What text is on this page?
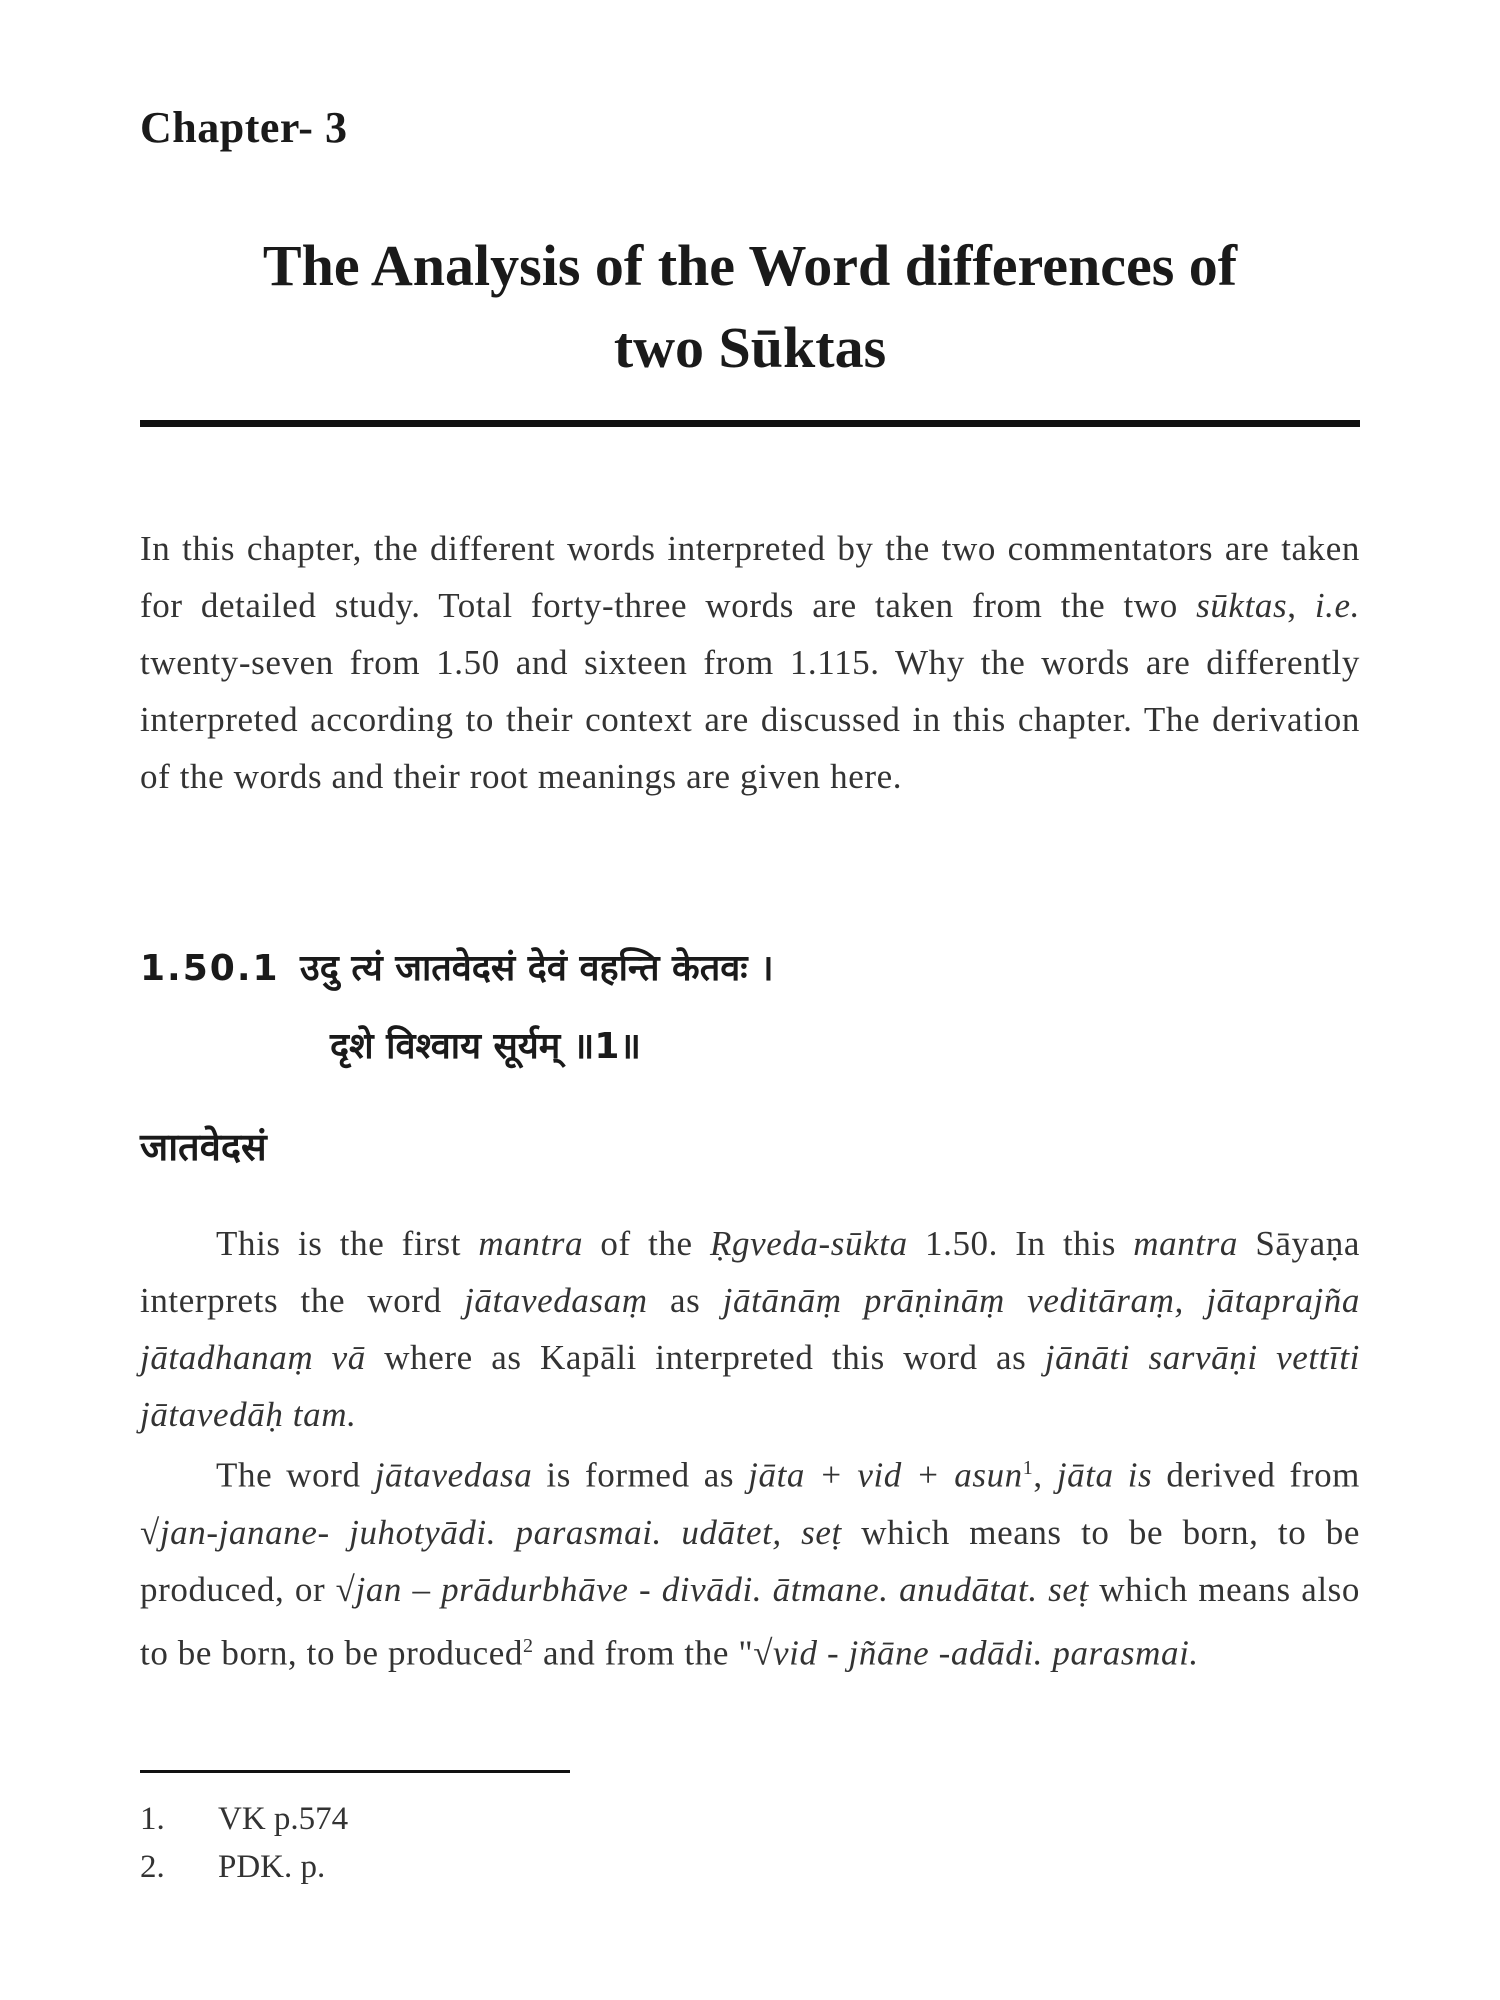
Chapter- 3
The Analysis of the Word differences of
two Sūktas

In this chapter, the different words interpreted by the two commentators are taken for detailed study. Total forty-three words are taken from the two sūktas, i.e. twenty-seven from 1.50 and sixteen from 1.115. Why the words are differently interpreted according to their context are discussed in this chapter. The derivation of the words and their root meanings are given here.

1.50.1 उदु त्यं जातवेदसं देवं वहन्ति केतवः ।
दृशे विश्वाय सूर्यम् ॥1॥
जातवेदसं

This is the first mantra of the Ṛgveda-sūkta 1.50. In this mantra Sāyaṇa interprets the word jātavedasaṃ as jātānāṃ prāṇināṃ veditāraṃ, jātaprajña jātadhanaṃ vā where as Kapāli interpreted this word as jānāti sarvāṇi vettīti jātavedāḥ tam.

The word jātavedasa is formed as jāta + vid + asun$^1$, jāta is derived from √jan-janane- juhotyādi. parasmai. udātet, seṭ which means to be born, to be produced, or √jan – prādurbhāve - divādi. ātmane. anudātat. seṭ which means also to be born, to be produced$^2$ and from the "√vid - jñāne -adādi. parasmai.

1. VK p.574
2. PDK. p.
